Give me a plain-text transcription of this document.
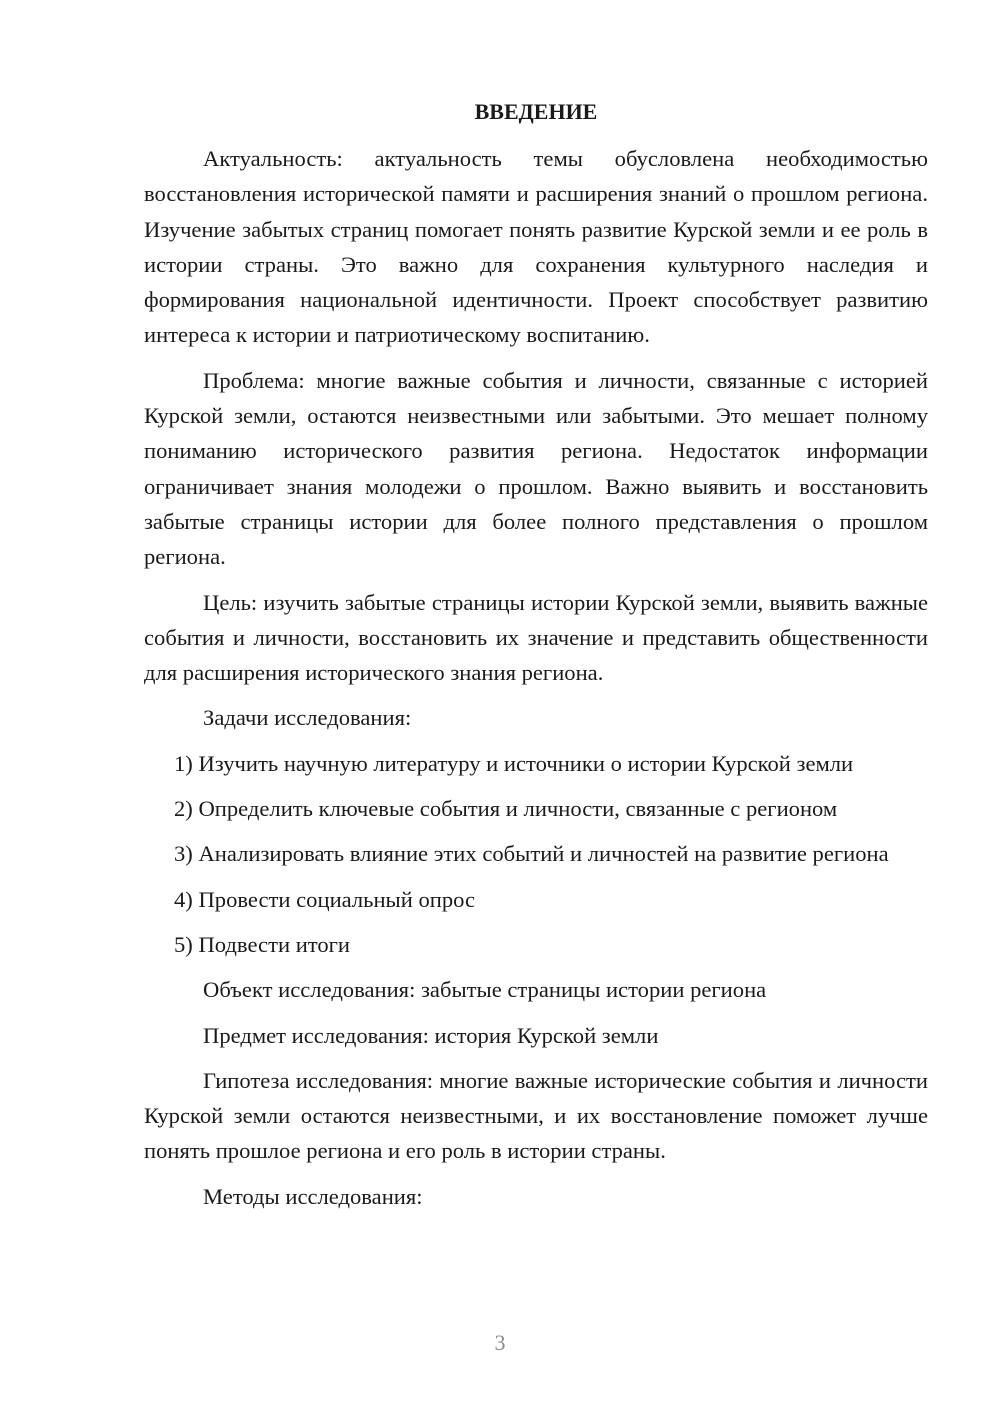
ВВЕДЕНИЕ

Актуальность: актуальность темы обусловлена необходимостью восстановления исторической памяти и расширения знаний о прошлом региона. Изучение забытых страниц помогает понять развитие Курской земли и ее роль в истории страны. Это важно для сохранения культурного наследия и формирования национальной идентичности. Проект способствует развитию интереса к истории и патриотическому воспитанию.

Проблема: многие важные события и личности, связанные с историей Курской земли, остаются неизвестными или забытыми. Это мешает полному пониманию исторического развития региона. Недостаток информации ограничивает знания молодежи о прошлом. Важно выявить и восстановить забытые страницы истории для более полного представления о прошлом региона.

Цель: изучить забытые страницы истории Курской земли, выявить важные события и личности, восстановить их значение и представить общественности для расширения исторического знания региона.

Задачи исследования:
1) Изучить научную литературу и источники о истории Курской земли
2) Определить ключевые события и личности, связанные с регионом

3) Анализировать влияние этих событий и личностей на развитие региона

4) Провести социальный опрос
5) Подвести итоги
Объект исследования: забытые страницы истории региона
Предмет исследования: история Курской земли

Гипотеза исследования: многие важные исторические события и личности Курской земли остаются неизвестными, и их восстановление поможет лучше понять прошлое региона и его роль в истории страны.

Методы исследования:
3
